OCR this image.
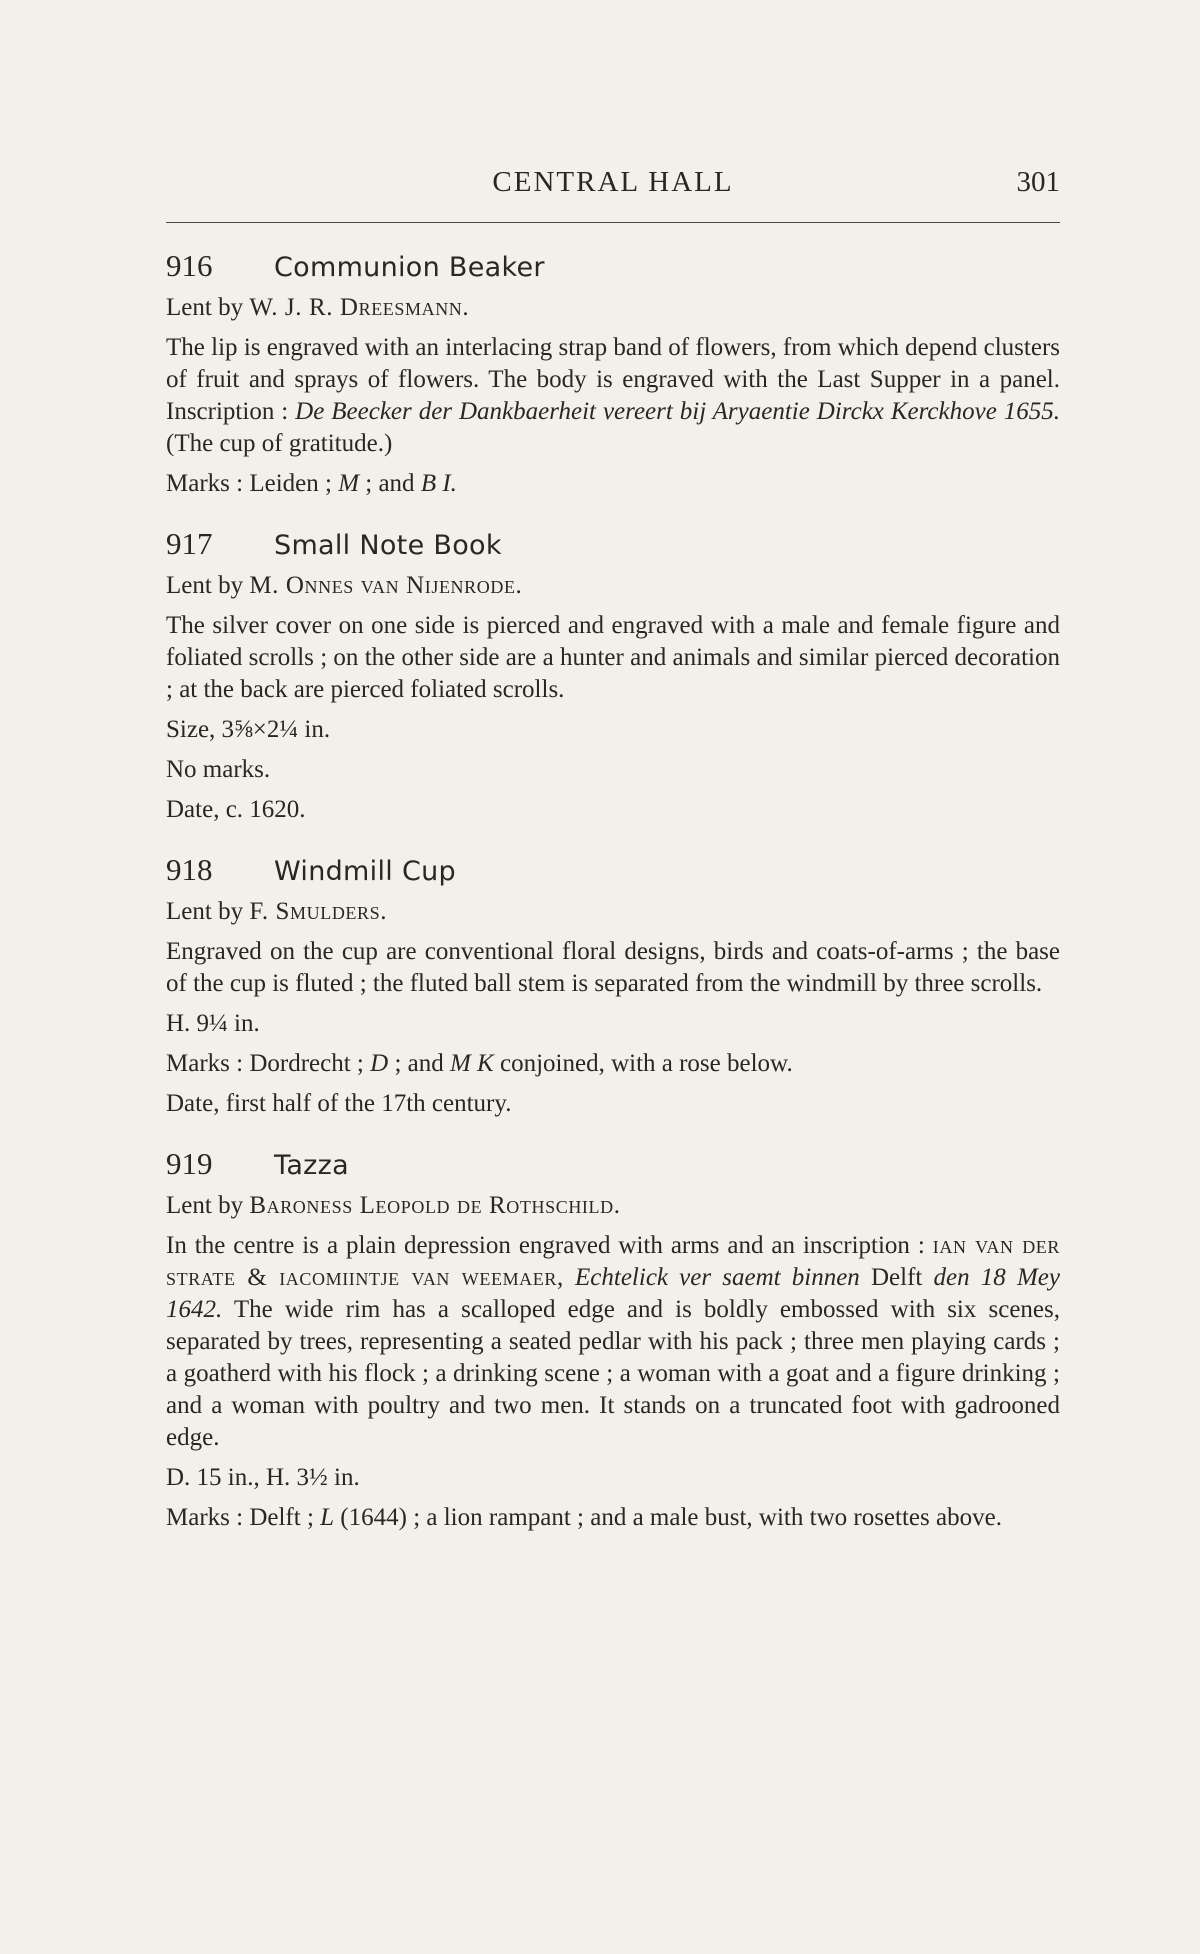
CENTRAL HALL	301
916 Communion Beaker
Lent by W. J. R. Dreesmann.

The lip is engraved with an interlacing strap band of flowers, from which depend clusters of fruit and sprays of flowers. The body is engraved with the Last Supper in a panel. Inscription : De Beecker der Dankbaerheit vereert bij Aryaentie Dirckx Kerckhove 1655. (The cup of gratitude.)

Marks : Leiden ; M ; and B I.
917 Small Note Book
Lent by M. Onnes van Nijenrode.

The silver cover on one side is pierced and engraved with a male and female figure and foliated scrolls ; on the other side are a hunter and animals and similar pierced decoration ; at the back are pierced foliated scrolls.

Size, 3⅝×2¼ in.
No marks.
Date, c. 1620.
918 Windmill Cup
Lent by F. Smulders.

Engraved on the cup are conventional floral designs, birds and coats-of-arms ; the base of the cup is fluted ; the fluted ball stem is separated from the windmill by three scrolls.

H. 9¼ in.
Marks : Dordrecht ; D ; and M K conjoined, with a rose below.
Date, first half of the 17th century.
919 Tazza
Lent by Baroness Leopold de Rothschild.

In the centre is a plain depression engraved with arms and an inscription : ian van der strate & iacomiintje van weemaer, Echtelick ver saemt binnen Delft den 18 Mey 1642. The wide rim has a scalloped edge and is boldly embossed with six scenes, separated by trees, representing a seated pedlar with his pack ; three men playing cards ; a goatherd with his flock ; a drinking scene ; a woman with a goat and a figure drinking ; and a woman with poultry and two men. It stands on a truncated foot with gadrooned edge.

D. 15 in., H. 3½ in.
Marks : Delft ; L (1644) ; a lion rampant ; and a male bust, with two rosettes above.
